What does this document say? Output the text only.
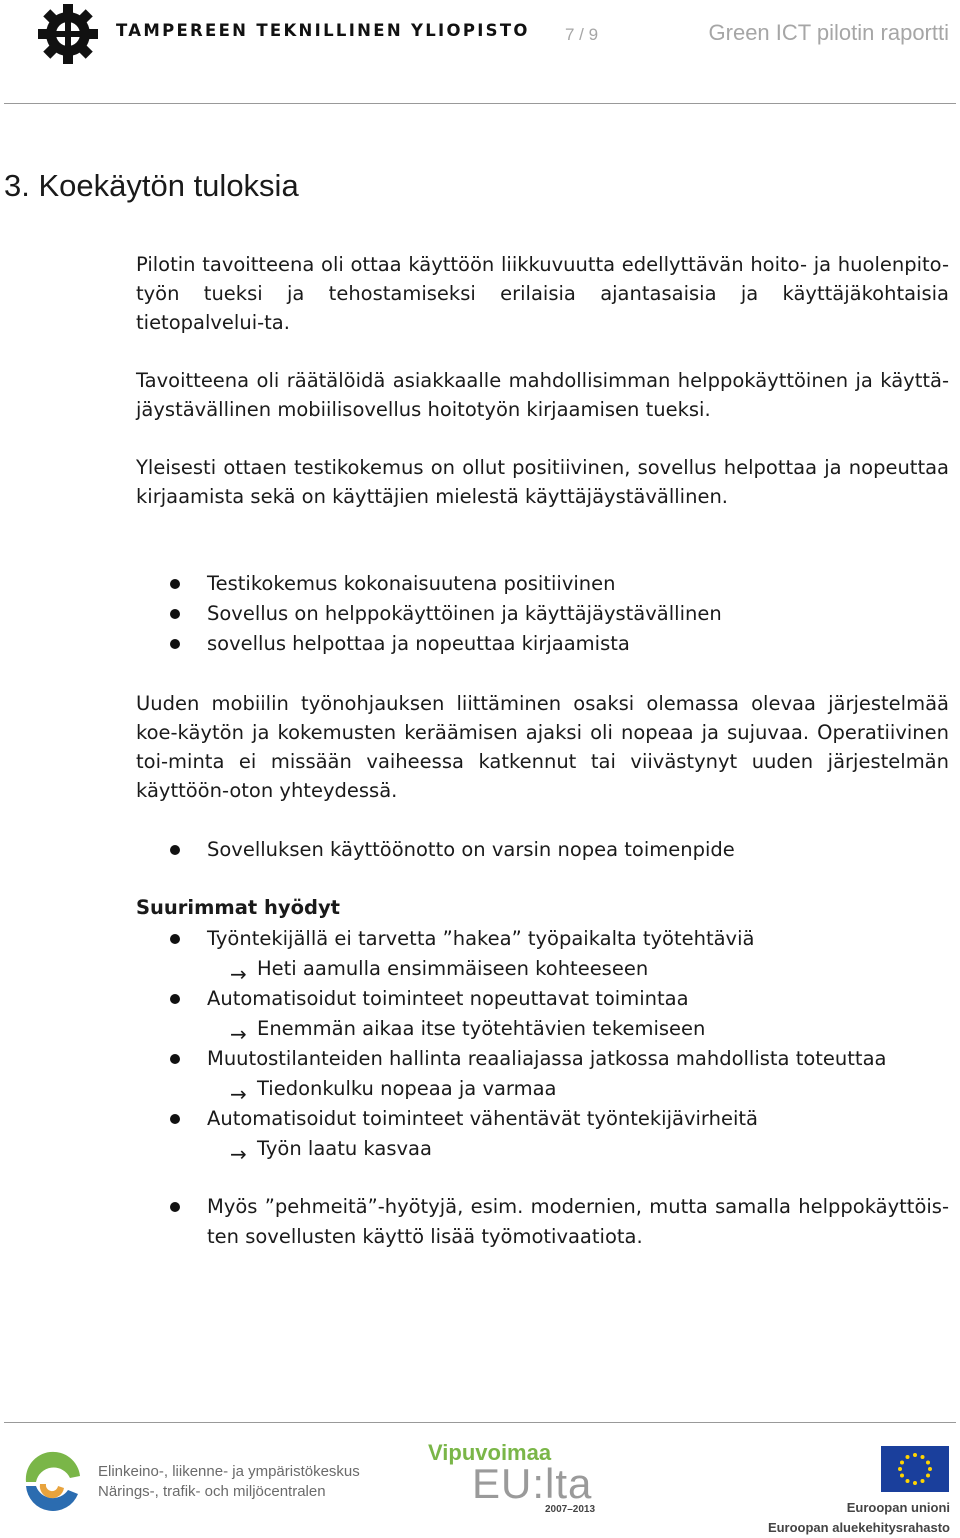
TAMPEREEN TEKNILLINEN YLIOPISTO 7 / 9	Green ICT pilotin raportti
3. Koekäytön tuloksia

Pilotin tavoitteena oli ottaa käyttöön liikkuvuutta edellyttävän hoito- ja huolenpito-työn tueksi ja tehostamiseksi erilaisia ajantasaisia ja käyttäjäkohtaisia tietopalvelui-ta.

Tavoitteena oli räätälöidä asiakkaalle mahdollisimman helppokäyttöinen ja käyttä-jäystävällinen mobiilisovellus hoitotyön kirjaamisen tueksi.

Yleisesti ottaen testikokemus on ollut positiivinen, sovellus helpottaa ja nopeuttaa kirjaamista sekä on käyttäjien mielestä käyttäjäystävällinen.

Testikokemus kokonaisuutena positiivinen
Sovellus on helppokäyttöinen ja käyttäjäystävällinen
sovellus helpottaa ja nopeuttaa kirjaamista

Uuden mobiilin työnohjauksen liittäminen osaksi olemassa olevaa järjestelmää koe-käytön ja kokemusten keräämisen ajaksi oli nopeaa ja sujuvaa. Operatiivinen toi-minta ei missään vaiheessa katkennut tai viivästynyt uuden järjestelmän käyttöön-oton yhteydessä.

Sovelluksen käyttöönotto on varsin nopea toimenpide
Suurimmat hyödyt
Työntekijällä ei tarvetta ”hakea” työpaikalta työtehtäviä
→ Heti aamulla ensimmäiseen kohteeseen
Automatisoidut toiminteet nopeuttavat toimintaa
→ Enemmän aikaa itse työtehtävien tekemiseen
Muutostilanteiden hallinta reaaliajassa jatkossa mahdollista toteuttaa
→ Tiedonkulku nopeaa ja varmaa
Automatisoidut toiminteet vähentävät työntekijävirheitä
→ Työn laatu kasvaa
Myös ”pehmeitä”-hyötyjä, esim. modernien, mutta samalla helppokäyttöis-ten sovellusten käyttö lisää työmotivaatiota.
Elinkeino-, liikenne- ja ympäristökeskus
Närings-, trafik- och miljöcentralen
Vipuvoimaa
EU:lta
2007–2013	Euroopan unioni
Euroopan aluekehitysrahasto
